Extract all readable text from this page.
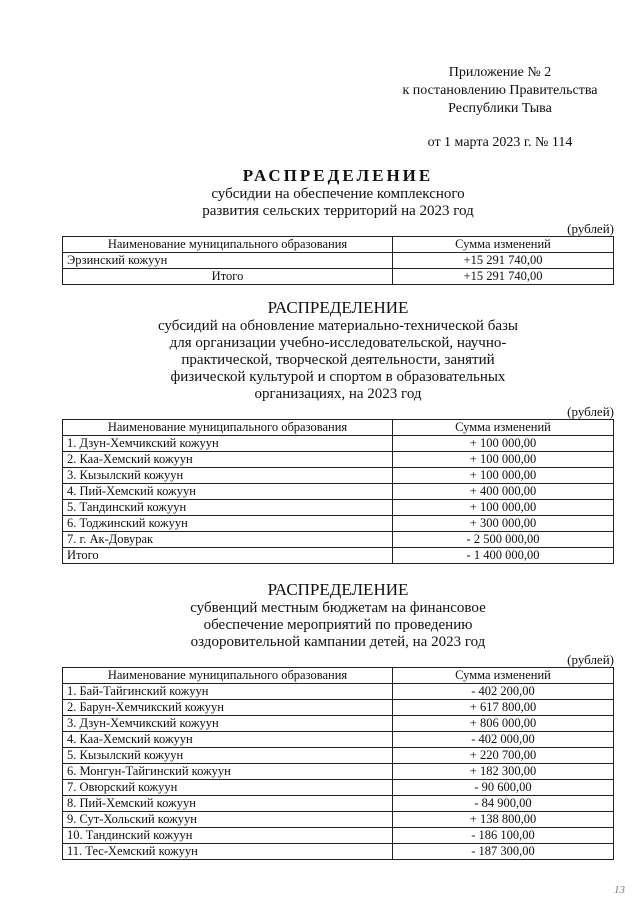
Приложение № 2
к постановлению Правительства
Республики Тыва
от 1 марта 2023 г. № 114
РАСПРЕДЕЛЕНИЕ
субсидии на обеспечение комплексного
развития сельских территорий на 2023 год
(рублей)
Наименование муниципального образования	Сумма изменений
Эрзинский кожуун	+15 291 740,00
Итого	+15 291 740,00
РАСПРЕДЕЛЕНИЕ
субсидий на обновление материально-технической базы
для организации учебно-исследовательской, научно-
практической, творческой деятельности, занятий
физической культурой и спортом в образовательных
организациях, на 2023 год
(рублей)
Наименование муниципального образования	Сумма изменений
1. Дзун-Хемчикский кожуун	+ 100 000,00
2. Каа-Хемский кожуун	+ 100 000,00
3. Кызылский кожуун	+ 100 000,00
4. Пий-Хемский кожуун	+ 400 000,00
5. Тандинский кожуун	+ 100 000,00
6. Тоджинский кожуун	+ 300 000,00
7. г. Ак-Довурак	- 2 500 000,00
Итого	- 1 400 000,00
РАСПРЕДЕЛЕНИЕ
субвенций местным бюджетам на финансовое
обеспечение мероприятий по проведению
оздоровительной кампании детей, на 2023 год
(рублей)
Наименование муниципального образования	Сумма изменений
1. Бай-Тайгинский кожуун	- 402 200,00
2. Барун-Хемчикский кожуун	+ 617 800,00
3. Дзун-Хемчикский кожуун	+ 806 000,00
4. Каа-Хемский кожуун	- 402 000,00
5. Кызылский кожуун	+ 220 700,00
6. Монгун-Тайгинский кожуун	+ 182 300,00
7. Овюрский кожуун	- 90 600,00
8. Пий-Хемский кожуун	- 84 900,00
9. Сут-Хольский кожуун	+ 138 800,00
10. Тандинский кожуун	- 186 100,00
11. Тес-Хемский кожуун	- 187 300,00
13
